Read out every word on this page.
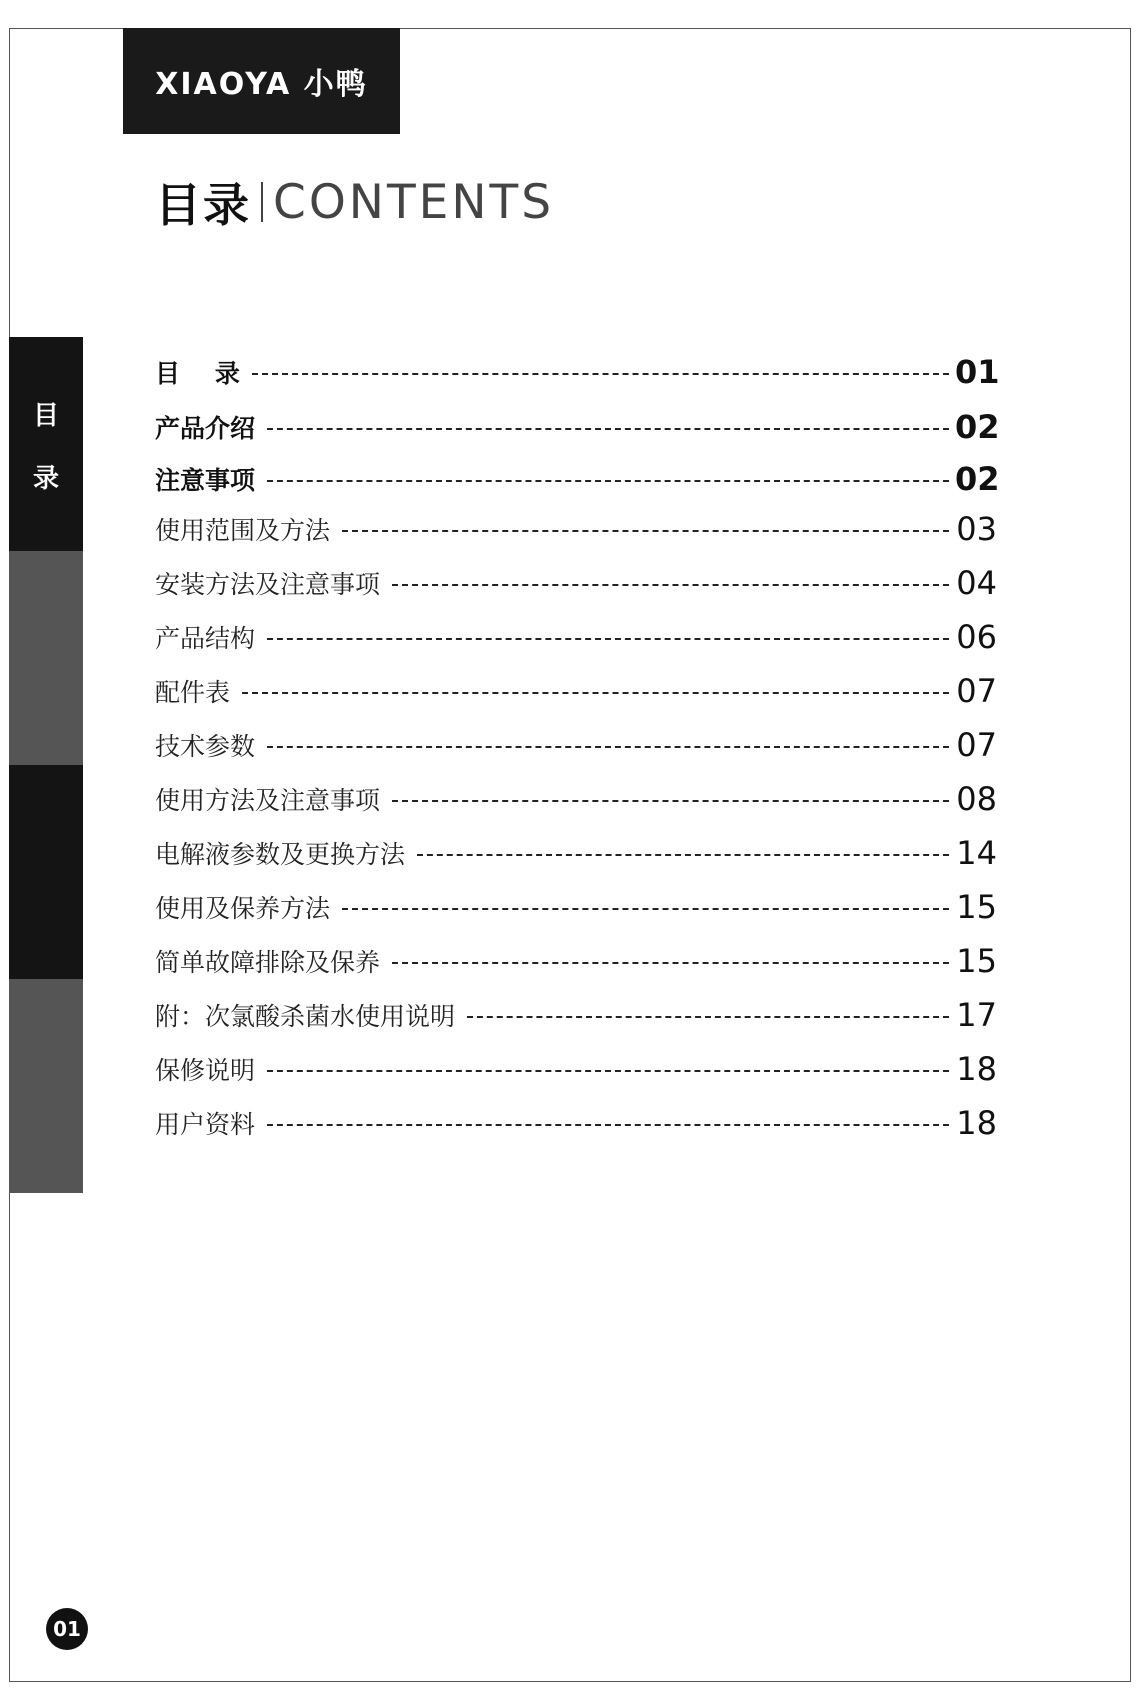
XIAOYA 小鸭
目录 CONTENTS
目
录
目    录	01
产品介绍	02
注意事项	02
使用范围及方法	03
安装方法及注意事项	04
产品结构	06
配件表	07
技术参数	07
使用方法及注意事项	08
电解液参数及更换方法	14
使用及保养方法	15
简单故障排除及保养	15
附：次氯酸杀菌水使用说明	17
保修说明	18
用户资料	18
01
